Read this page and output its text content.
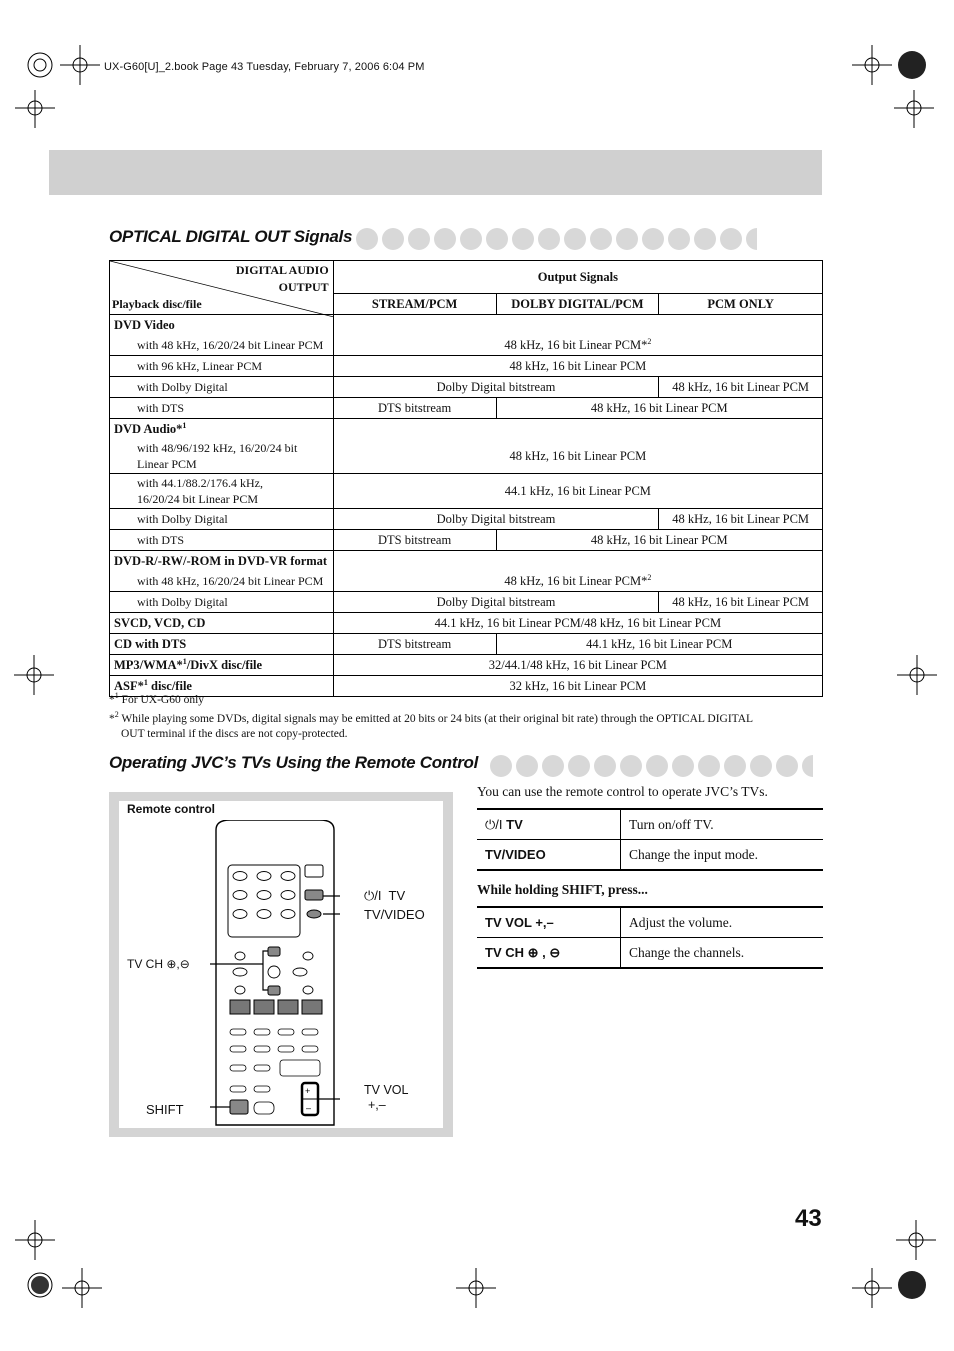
UX-G60[U]_2.book Page 43 Tuesday, February 7, 2006 6:04 PM
OPTICAL DIGITAL OUT Signals
DIGITAL AUDIO
OUTPUT
Playback disc/file	Output Signals		
	STREAM/PCM	DOLBY DIGITAL/PCM	PCM ONLY
DVD Video			
with 48 kHz, 16/20/24 bit Linear PCM	48 kHz, 16 bit Linear PCM*$^2$
with 96 kHz, Linear PCM	48 kHz, 16 bit Linear PCM		
with Dolby Digital	Dolby Digital bitstream		48 kHz, 16 bit Linear PCM
with DTS	DTS bitstream	48 kHz, 16 bit Linear PCM	
DVD Audio*$^1$	
with 48/96/192 kHz, 16/20/24 bit
Linear PCM	48 kHz, 16 bit Linear PCM		
with 44.1/88.2/176.4 kHz,
16/20/24 bit Linear PCM	44.1 kHz, 16 bit Linear PCM		
with Dolby Digital	Dolby Digital bitstream		48 kHz, 16 bit Linear PCM
with DTS	DTS bitstream	48 kHz, 16 bit Linear PCM	
DVD-R/-RW/-ROM in DVD-VR format			
with 48 kHz, 16/20/24 bit Linear PCM	48 kHz, 16 bit Linear PCM*$^2$
with Dolby Digital	Dolby Digital bitstream		48 kHz, 16 bit Linear PCM
SVCD, VCD, CD	44.1 kHz, 16 bit Linear PCM/48 kHz, 16 bit Linear PCM		
CD with DTS	DTS bitstream	44.1 kHz, 16 bit Linear PCM	
MP3/WMA*$^1$/DivX disc/file	32/44.1/48 kHz, 16 bit Linear PCM		
ASF*$^1$ disc/file	32 kHz, 16 bit Linear PCM		
*$^1$ For UX-G60 only
*$^2$ While playing some DVDs, digital signals may be emitted at 20 bits or 24 bits (at their original bit rate) through the OPTICAL DIGITAL
OUT terminal if the discs are not copy-protected.
Operating JVC’s TVs Using the Remote Control
Remote control
+
–
⏻/I TV
TV/VIDEO
TV CH ⊕,⊖
SHIFT
TV VOL
+,–
You can use the remote control to operate JVC’s TVs.
⏻/I TV	Turn on/off TV.
TV/VIDEO	Change the input mode.
While holding SHIFT, press...
TV VOL +,–	Adjust the volume.
TV CH ⊕ , ⊖	Change the channels.
43
